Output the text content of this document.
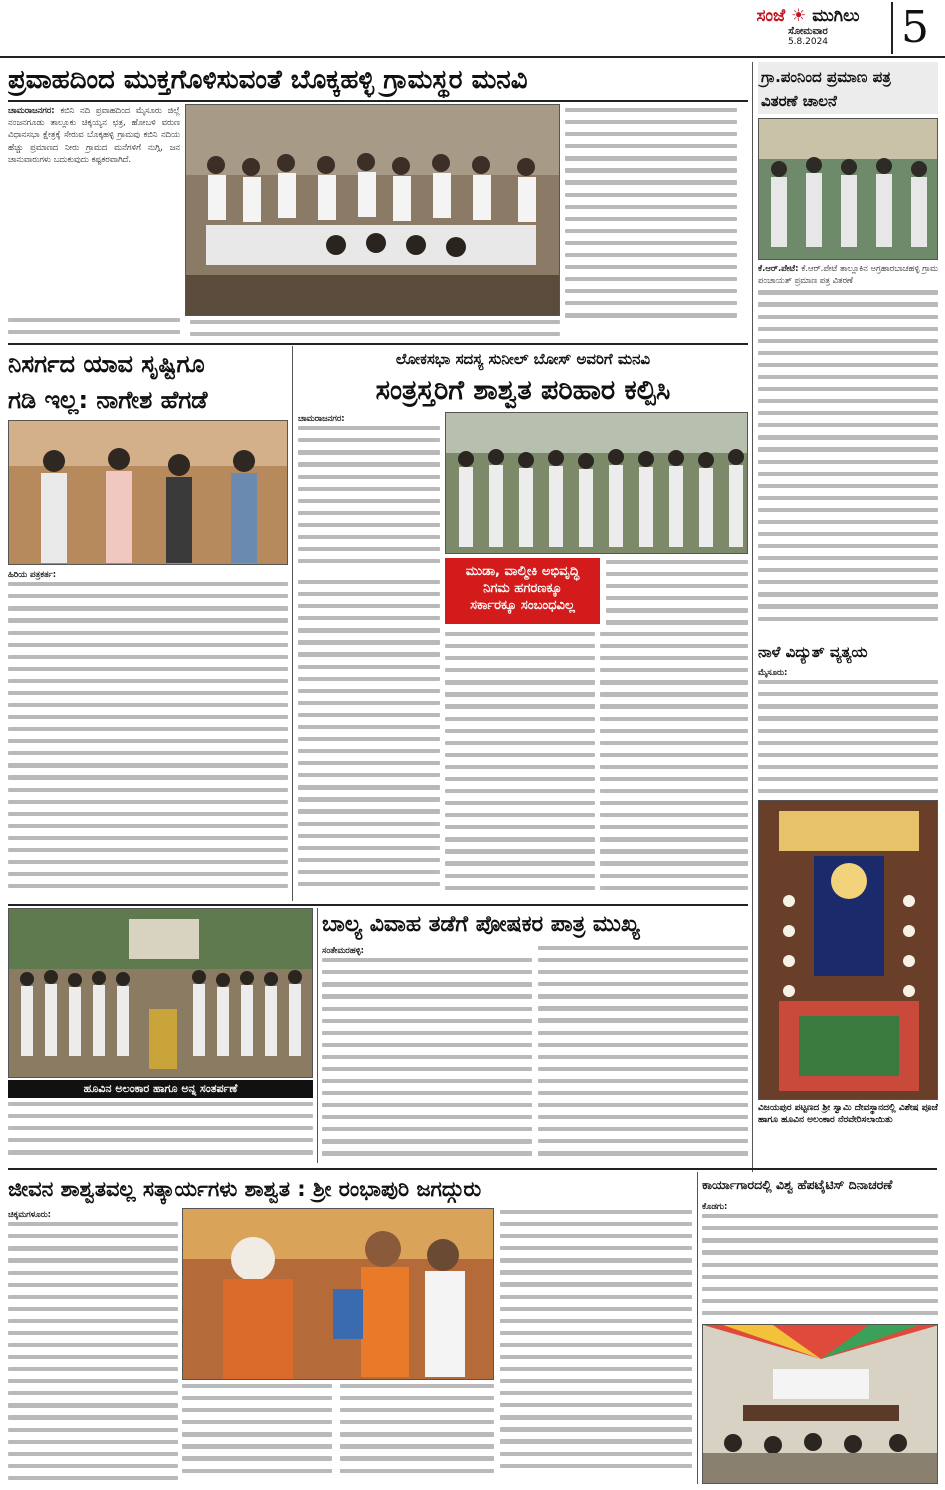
ಸಂಜೆ ☀ ಮುಗಿಲು
ಸೋಮವಾರ
5.8.2024	5
ಪ್ರವಾಹದಿಂದ ಮುಕ್ತಗೊಳಿಸುವಂತೆ ಬೊಕ್ಕಹಳ್ಳಿ ಗ್ರಾಮಸ್ಥರ ಮನವಿ
ಚಾಮರಾಜನಗರ: ಕಬಿನಿ ನದಿ ಪ್ರವಾಹದಿಂದ ಮೈಸೂರು ಜಿಲ್ಲೆ ನಂಜನಗೂಡು ತಾಲ್ಲೂಕು ಚಿಕ್ಕಯ್ಯನ ಛತ್ರ, ಹೋಬಳಿ ವರುಣ ವಿಧಾನಸಭಾ ಕ್ಷೇತ್ರಕ್ಕೆ ಸೇರುವ ಬೊಕ್ಕಹಳ್ಳಿ ಗ್ರಾಮವು ಕಬಿನಿ ನದಿಯ ಹೆಚ್ಚು ಪ್ರಮಾಣದ ನೀರು ಗ್ರಾಮದ ಮನೆಗಳಿಗೆ ನುಗ್ಗಿ, ಜನ ಜಾನುವಾರುಗಳು ಬದುಕುವುದು ಕಷ್ಟಕರವಾಗಿದೆ.
ಗ್ರಾ.ಪಂನಿಂದ ಪ್ರಮಾಣ ಪತ್ರ
ವಿತರಣೆ ಚಾಲನೆ
ಕೆ.ಆರ್.ಪೇಟೆ: ಕೆ.ಆರ್.ಪೇಟೆ ತಾಲ್ಲೂಕಿನ ಅಗ್ರಹಾರಬಾಚಹಳ್ಳಿ ಗ್ರಾಮ ಪಂಚಾಯತ್ ಪ್ರಮಾಣ ಪತ್ರ ವಿತರಣೆ
ನಾಳೆ ವಿದ್ಯುತ್ ವ್ಯತ್ಯಯ
ಮೈಸೂರು:
ವಿಜಯಪುರ ಪಟ್ಟಣದ ಶ್ರೀ ಸ್ವಾಮಿ ದೇವಸ್ಥಾನದಲ್ಲಿ ವಿಶೇಷ ಪೂಜೆ ಹಾಗೂ ಹೂವಿನ ಅಲಂಕಾರ ನೆರವೇರಿಸಲಾಯಿತು
ನಿಸರ್ಗದ ಯಾವ ಸೃಷ್ಟಿಗೂ
ಗಡಿ ಇಲ್ಲ: ನಾಗೇಶ ಹೆಗಡೆ
ಹಿರಿಯ ಪತ್ರಕರ್ತ:
ಲೋಕಸಭಾ ಸದಸ್ಯ ಸುನೀಲ್ ಬೋಸ್ ಅವರಿಗೆ ಮನವಿ
ಸಂತ್ರಸ್ತರಿಗೆ ಶಾಶ್ವತ ಪರಿಹಾರ ಕಲ್ಪಿಸಿ
ಚಾಮರಾಜನಗರ:
ಮುಡಾ, ವಾಲ್ಮೀಕಿ ಅಭಿವೃದ್ಧಿ
ನಿಗಮ ಹಗರಣಕ್ಕೂ
ಸರ್ಕಾರಕ್ಕೂ ಸಂಬಂಧವಿಲ್ಲ
ಹೂವಿನ ಅಲಂಕಾರ ಹಾಗೂ ಅನ್ನ ಸಂತರ್ಪಣೆ
ಬಾಲ್ಯ ವಿವಾಹ ತಡೆಗೆ ಪೋಷಕರ ಪಾತ್ರ ಮುಖ್ಯ
ಸಂತೇಮರಹಳ್ಳಿ:
ಜೀವನ ಶಾಶ್ವತವಲ್ಲ ಸತ್ಕಾರ್ಯಗಳು ಶಾಶ್ವತ : ಶ್ರೀ ರಂಭಾಪುರಿ ಜಗದ್ಗುರು
ಚಿಕ್ಕಮಗಳೂರು:
ಕಾರ್ಯಾಗಾರದಲ್ಲಿ ವಿಶ್ವ ಹೆಪಟೈಟಿಸ್ ದಿನಾಚರಣೆ
ಕೊಡಗು:
